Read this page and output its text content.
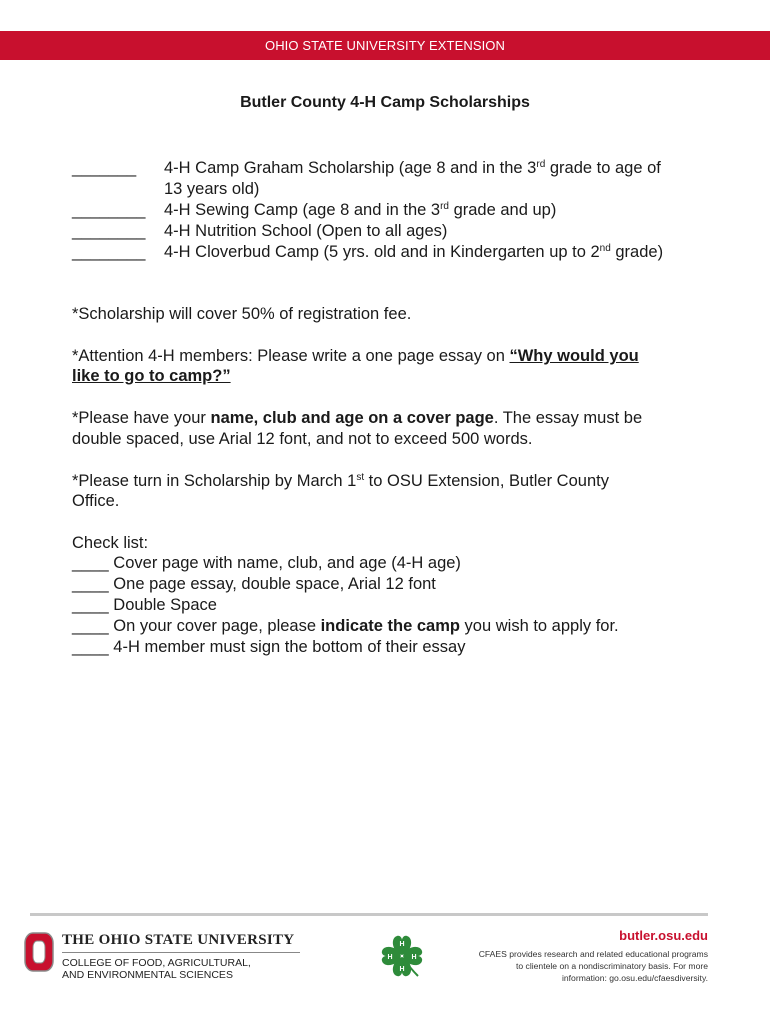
OHIO STATE UNIVERSITY EXTENSION
Butler County 4-H Camp Scholarships
_______ 4-H Camp Graham Scholarship (age 8 and in the 3rd grade to age of
13 years old)
________ 4-H Sewing Camp (age 8 and in the 3rd grade and up)
________ 4-H Nutrition School (Open to all ages)
________ 4-H Cloverbud Camp (5 yrs. old and in Kindergarten up to 2nd grade)
*Scholarship will cover 50% of registration fee.
*Attention 4-H members: Please write a one page essay on “Why would you
like to go to camp?”
*Please have your name, club and age on a cover page. The essay must be
double spaced, use Arial 12 font, and not to exceed 500 words.
*Please turn in Scholarship by March 1st to OSU Extension, Butler County
Office.
Check list:
____ Cover page with name, club, and age (4-H age)
____ One page essay, double space, Arial 12 font
____ Double Space
____ On your cover page, please indicate the camp you wish to apply for.
____ 4-H member must sign the bottom of their essay
THE OHIO STATE UNIVERSITY
COLLEGE OF FOOD, AGRICULTURAL,
AND ENVIRONMENTAL SCIENCES
H
H
H
H
butler.osu.edu
CFAES provides research and related educational programs to clientele on a nondiscriminatory basis. For more information: go.osu.edu/cfaesdiversity.
